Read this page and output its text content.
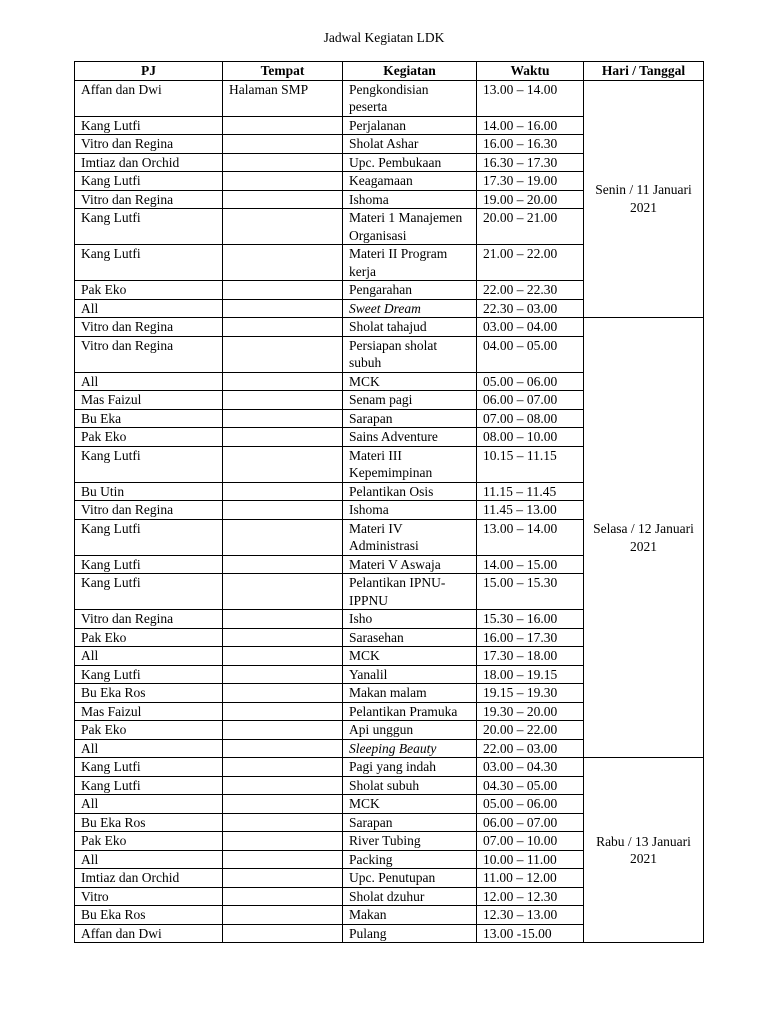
Jadwal Kegiatan LDK
PJ	Tempat	Kegiatan	Waktu	Hari / Tanggal
Affan dan Dwi	Halaman SMP	Pengkondisian peserta	13.00 – 14.00	Senin / 11 Januari 2021
Kang Lutfi		Perjalanan	14.00 – 16.00	
Vitro dan Regina		Sholat Ashar	16.00 – 16.30	
Imtiaz dan Orchid		Upc. Pembukaan	16.30 – 17.30	
Kang Lutfi		Keagamaan	17.30 – 19.00	
Vitro dan Regina		Ishoma	19.00 – 20.00	
Kang Lutfi		Materi 1 Manajemen Organisasi	20.00 – 21.00	
Kang Lutfi		Materi II Program kerja	21.00 – 22.00	
Pak Eko		Pengarahan	22.00 – 22.30	
All		Sweet Dream	22.30 – 03.00	
Vitro dan Regina		Sholat tahajud	03.00 – 04.00	Selasa / 12 Januari 2021
Vitro dan Regina		Persiapan sholat subuh	04.00 – 05.00	
All		MCK	05.00 – 06.00	
Mas Faizul		Senam pagi	06.00 – 07.00	
Bu Eka		Sarapan	07.00 – 08.00	
Pak Eko		Sains Adventure	08.00 – 10.00	
Kang Lutfi		Materi III Kepemimpinan	10.15 – 11.15	
Bu Utin		Pelantikan Osis	11.15 – 11.45	
Vitro dan Regina		Ishoma	11.45 – 13.00	
Kang Lutfi		Materi IV Administrasi	13.00 – 14.00	
Kang Lutfi		Materi V Aswaja	14.00 – 15.00	
Kang Lutfi		Pelantikan IPNU-IPPNU	15.00 – 15.30	
Vitro dan Regina		Isho	15.30 – 16.00	
Pak Eko		Sarasehan	16.00 – 17.30	
All		MCK	17.30 – 18.00	
Kang Lutfi		Yanalil	18.00 – 19.15	
Bu Eka Ros		Makan malam	19.15 – 19.30	
Mas Faizul		Pelantikan Pramuka	19.30 – 20.00	
Pak Eko		Api unggun	20.00 – 22.00	
All		Sleeping Beauty	22.00 – 03.00	
Kang Lutfi		Pagi yang indah	03.00 – 04.30	Rabu / 13 Januari 2021
Kang Lutfi		Sholat subuh	04.30 – 05.00	
All		MCK	05.00 – 06.00	
Bu Eka Ros		Sarapan	06.00 – 07.00	
Pak Eko		River Tubing	07.00 – 10.00	
All		Packing	10.00 – 11.00	
Imtiaz dan Orchid		Upc. Penutupan	11.00 – 12.00	
Vitro		Sholat dzuhur	12.00 – 12.30	
Bu Eka Ros		Makan	12.30 – 13.00	
Affan dan Dwi		Pulang	13.00 -15.00	
